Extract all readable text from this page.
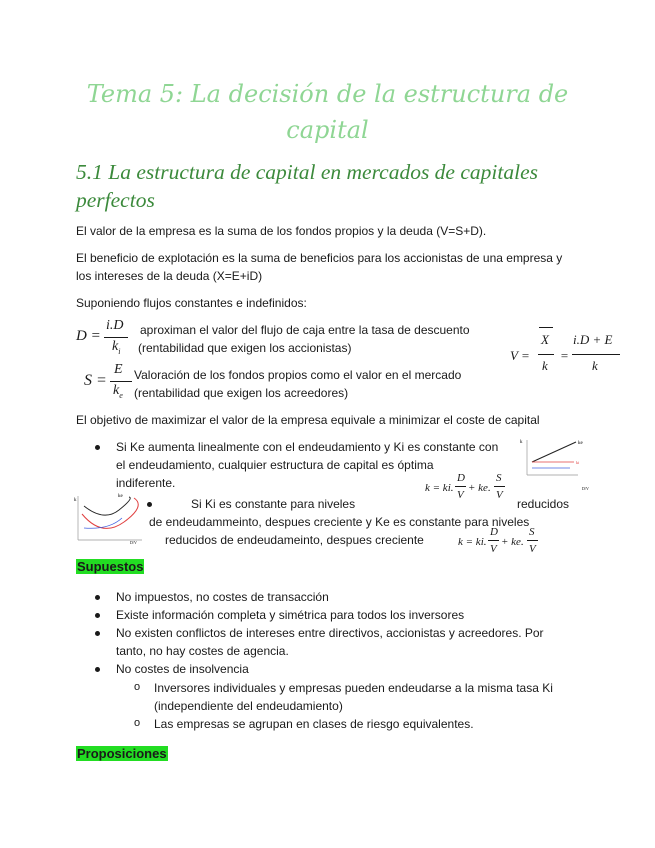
Tema 5: La decisión de la estructura de
capital
5.1 La estructura de capital en mercados de capitales
perfectos
El valor de la empresa es la suma de los fondos propios y la deuda (V=S+D).
El beneficio de explotación es la suma de beneficios para los accionistas de una empresa y
los intereses de la deuda (X=E+iD)
Suponiendo flujos constantes e indefinidos:
D =
i.D
$k_i$
aproximan el valor del flujo de caja entre la tasa de descuento
(rentabilidad que exigen los accionistas)
S =
E
$k_e$
Valoración de los fondos propios como el valor en el mercado
(rentabilidad que exigen los acreedores)
V =
X
k
=
i.D + E
k
El objetivo de maximizar el valor de la empresa equivale a minimizar el coste de capital
Si Ke aumenta linealmente con el endeudamiento y Ki es constante con
el endeudamiento, cualquier estructura de capital es óptima
indiferente.
k	ke
ki
D/V
k = ki.
D
V
+ ke.
S
V
k
ke
D/V
Si Ki es constante para niveles	reducidos
de endeudammeinto, despues creciente y Ke es constante para niveles
reducidos de endeudameinto, despues creciente	k = ki.
D
V
+ ke.
S
V
Supuestos
No impuestos, no costes de transacción
Existe información completa y simétrica para todos los inversores
No existen conflictos de intereses entre directivos, accionistas y acreedores. Por
tanto, no hay costes de agencia.
No costes de insolvencia
o Inversores individuales y empresas pueden endeudarse a la misma tasa Ki
(independiente del endeudamiento)
o Las empresas se agrupan en clases de riesgo equivalentes.
Proposiciones
